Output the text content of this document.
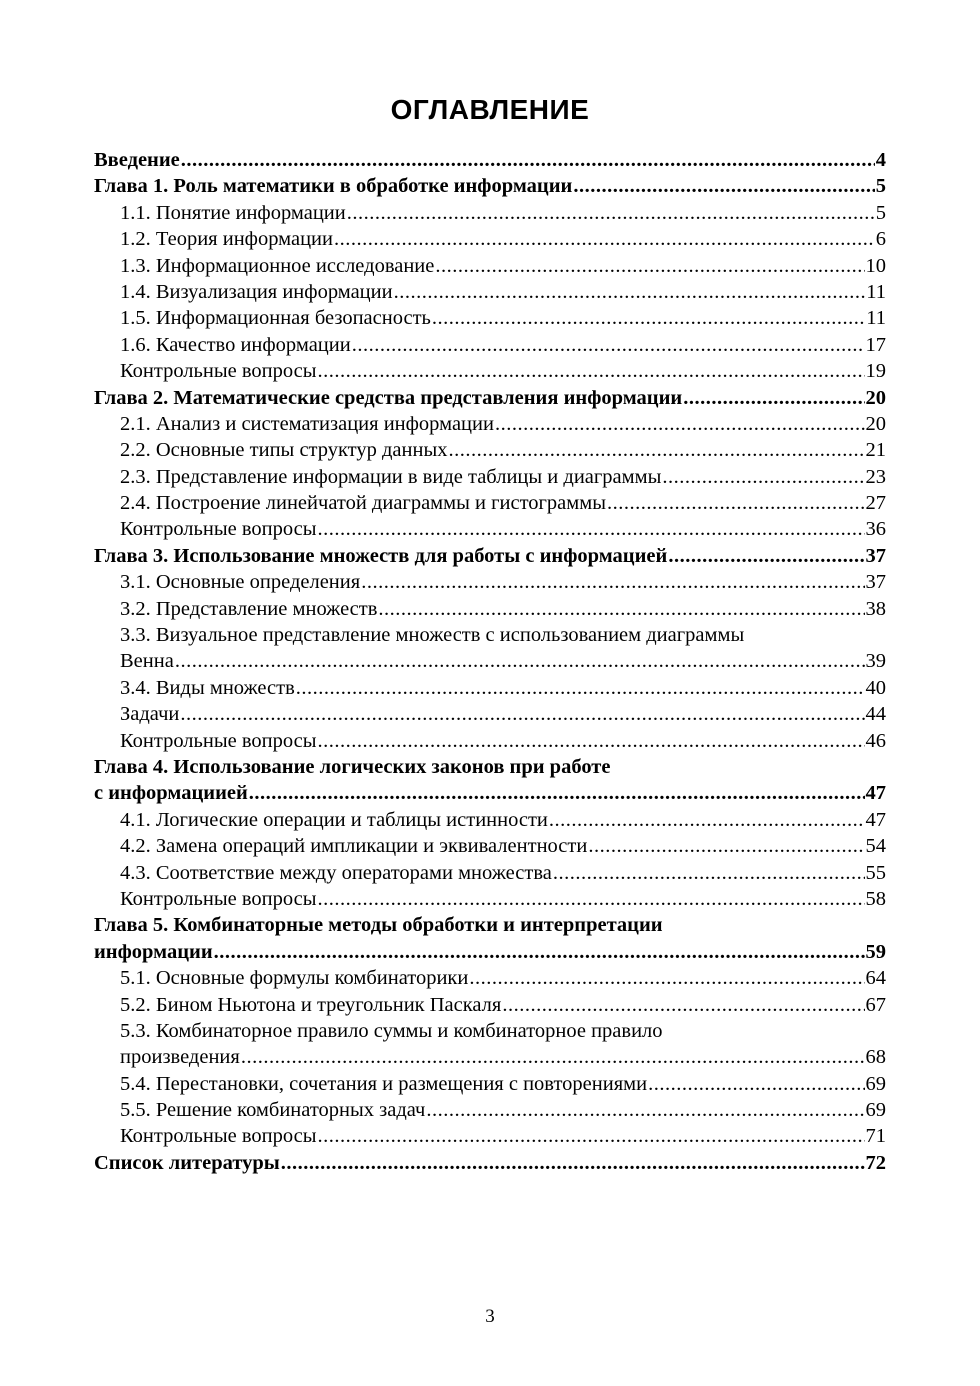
ОГЛАВЛЕНИЕ
Введение .....	4
Глава 1. Роль математики в обработке информации .....	5
1.1. Понятие информации .....	5
1.2. Теория информации .....	6
1.3. Информационное исследование .....	10
1.4. Визуализация информации .....	11
1.5. Информационная безопасность .....	11
1.6. Качество информации .....	17
Контрольные вопросы .....	19
Глава 2. Математические средства представления информации .....	20
2.1. Анализ и систематизация информации .....	20
2.2. Основные типы структур данных .....	21
2.3. Представление информации в виде таблицы и диаграммы .....	23
2.4. Построение линейчатой диаграммы и гистограммы .....	27
Контрольные вопросы .....	36
Глава 3. Использование множеств для работы с информацией .....	37
3.1. Основные определения .....	37
3.2. Представление множеств .....	38
3.3. Визуальное представление множеств с использованием диаграммы
Венна .....	39
3.4. Виды множеств .....	40
Задачи .....	44
Контрольные вопросы .....	46
Глава 4. Использование логических законов при работе
с информациией .....	47
4.1. Логические операции и таблицы истинности .....	47
4.2. Замена операций импликации и эквивалентности .....	54
4.3. Соответствие между операторами множества .....	55
Контрольные вопросы .....	58
Глава 5. Комбинаторные методы обработки и интерпретации
информации .....	59
5.1. Основные формулы комбинаторики .....	64
5.2. Бином Ньютона и треугольник Паскаля .....	67
5.3. Комбинаторное правило суммы и комбинаторное правило
произведения .....	68
5.4. Перестановки, сочетания и размещения с повторениями .....	69
5.5. Решение комбинаторных задач .....	69
Контрольные вопросы .....	71
Список литературы .....	72
3
